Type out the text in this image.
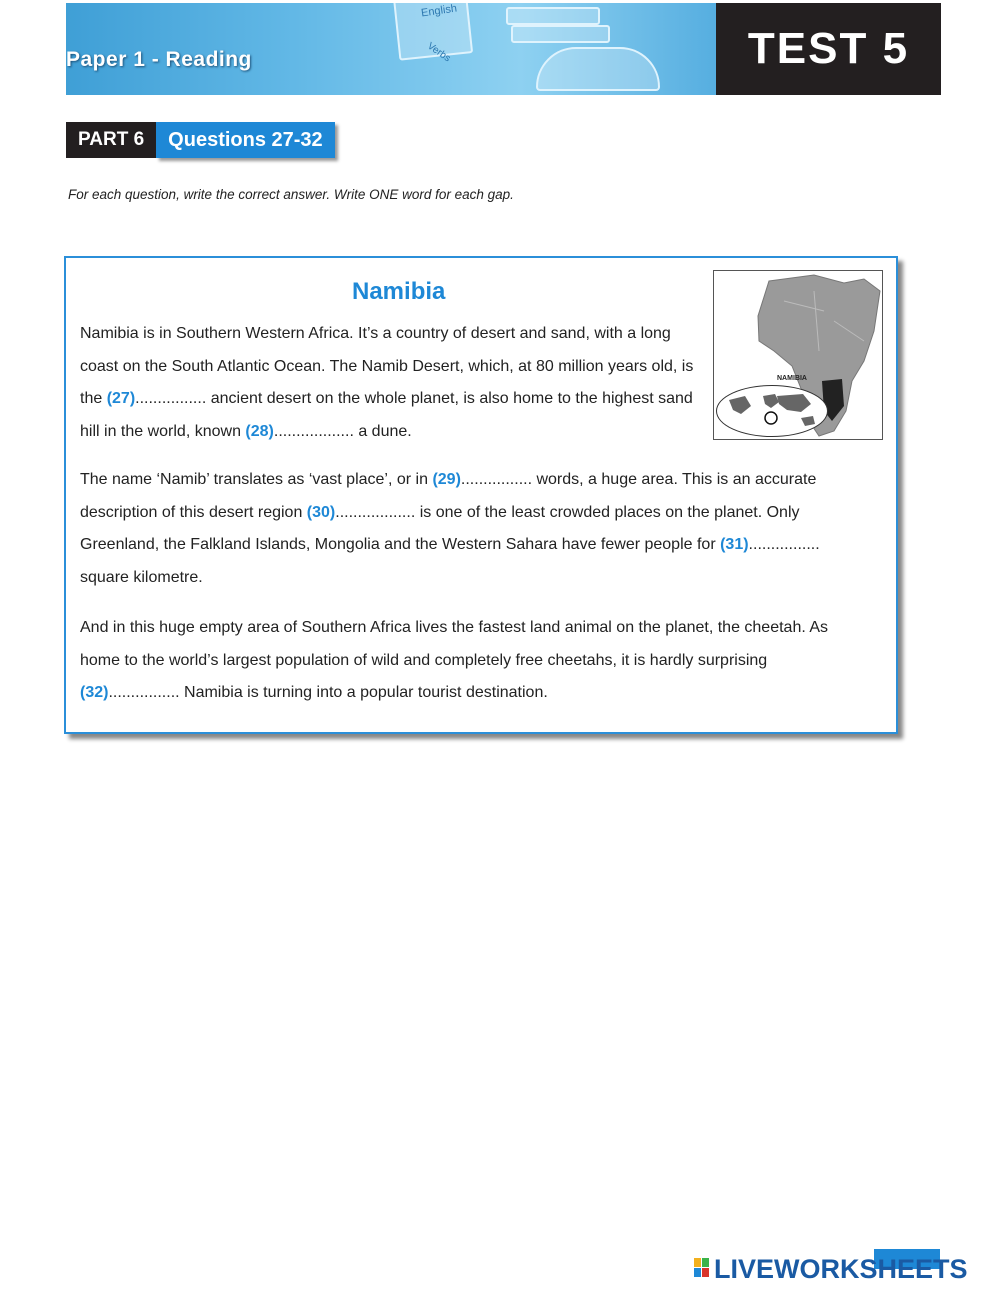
English
Verbs
Paper 1 - Reading	TEST 5
PART 6	Questions 27-32
For each question, write the correct answer. Write ONE word for each gap.
Namibia
NAMIBIA
Namibia is in Southern Western Africa. It’s a country of desert and sand, with a long coast on the South Atlantic Ocean. The Namib Desert, which, at 80 million years old, is the (27)................ ancient desert on the whole planet, is also home to the highest sand hill in the world, known (28).................. a dune.
The name ‘Namib’ translates as ‘vast place’, or in (29)................ words, a huge area. This is an accurate description of this desert region (30).................. is one of the least crowded places on the planet. Only Greenland, the Falkland Islands, Mongolia and the Western Sahara have fewer people for (31)................ square kilometre.
And in this huge empty area of Southern Africa lives the fastest land animal on the planet, the cheetah. As home to the world’s largest population of wild and completely free cheetahs, it is hardly surprising (32)................ Namibia is turning into a popular tourist destination.
LIVEWORKSHEETS
